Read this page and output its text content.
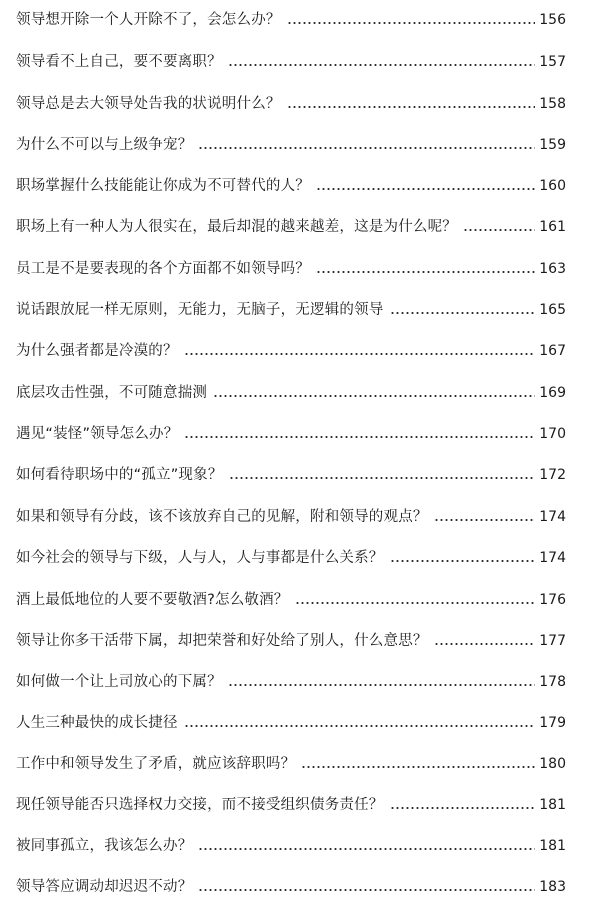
领导想开除一个人开除不了，会怎么办？	156
领导看不上自己，要不要离职？	157
领导总是去大领导处告我的状说明什么？	158
为什么不可以与上级争宠？	159
职场掌握什么技能能让你成为不可替代的人？	160
职场上有一种人为人很实在，最后却混的越来越差，这是为什么呢？	161
员工是不是要表现的各个方面都不如领导吗？	163
说话跟放屁一样无原则，无能力，无脑子，无逻辑的领导	165
为什么强者都是冷漠的？	167
底层攻击性强，不可随意揣测	169
遇见“装怪”领导怎么办？	170
如何看待职场中的“孤立”现象？	172
如果和领导有分歧，该不该放弃自己的见解，附和领导的观点？	174
如今社会的领导与下级，人与人，人与事都是什么关系？	174
酒上最低地位的人要不要敬酒?怎么敬酒？	176
领导让你多干活带下属，却把荣誉和好处给了别人，什么意思？	177
如何做一个让上司放心的下属？	178
人生三种最快的成长捷径	179
工作中和领导发生了矛盾，就应该辞职吗？	180
现任领导能否只选择权力交接，而不接受组织债务责任？	181
被同事孤立，我该怎么办？	181
领导答应调动却迟迟不动？	183
